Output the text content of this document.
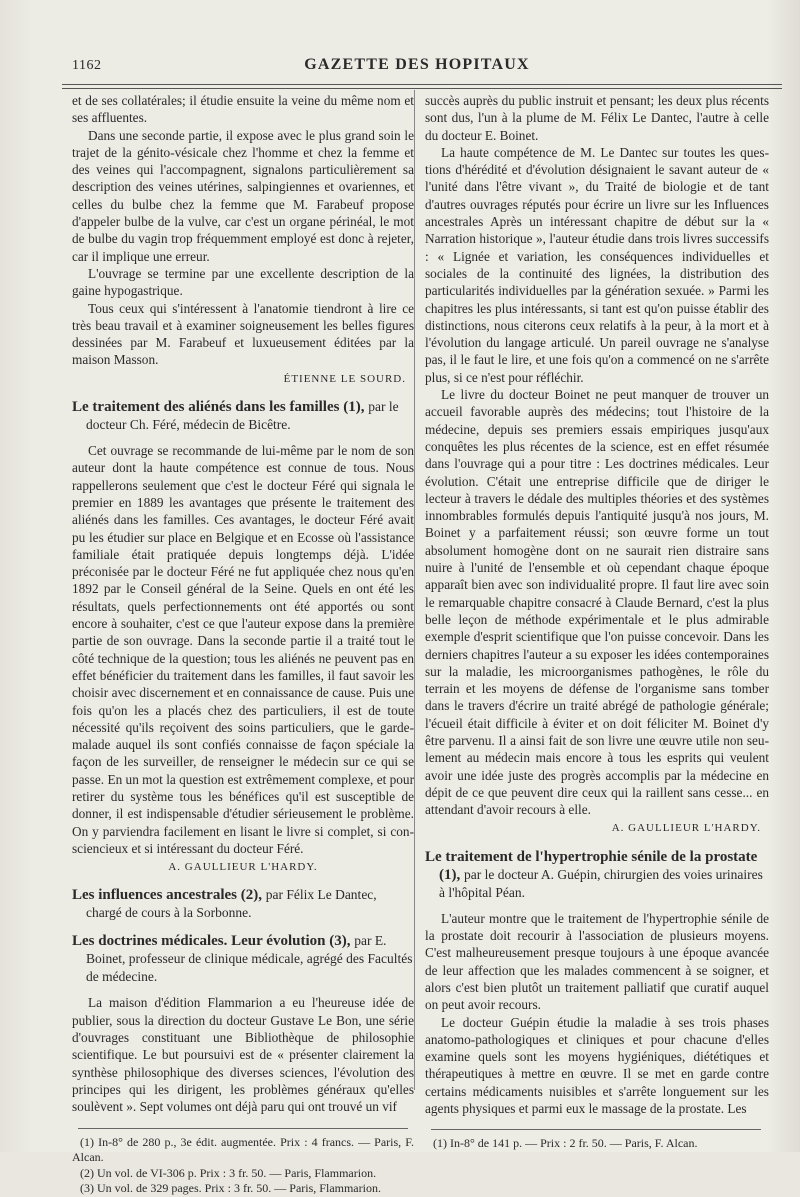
1162	GAZETTE DES HOPITAUX

et de ses collatérales; il étudie ensuite la veine du même nom et ses affluentes.

Dans une seconde partie, il expose avec le plus grand soin le trajet de la génito-vésicale chez l'homme et chez la femme et des veines qui l'accompagnent, signalons particulièrement sa description des veines utérines, salpingiennes et ovariennes, et celles du bulbe chez la femme que M. Farabeuf propose d'appeler bulbe de la vulve, car c'est un organe périnéal, le mot de bulbe du vagin trop fréquemment employé est donc à rejeter, car il implique une erreur.

L'ouvrage se termine par une excellente description de la gaine hypogastrique.

Tous ceux qui s'intéressent à l'anatomie tiendront à lire ce très beau travail et à examiner soigneusement les belles figures dessinées par M. Farabeuf et luxueusement éditées par la maison Masson.

ÉTIENNE LE SOURD.

Le traitement des aliénés dans les familles (1), par le docteur Ch. Féré, médecin de Bicêtre.

Cet ouvrage se recommande de lui-même par le nom de son auteur dont la haute compétence est connue de tous. Nous rappellerons seulement que c'est le docteur Féré qui signala le premier en 1889 les avantages que présente le traitement des aliénés dans les familles. Ces avantages, le docteur Féré avait pu les étudier sur place en Belgique et en Ecosse où l'assistance familiale était pratiquée depuis longtemps déjà. L'idée préconisée par le docteur Féré ne fut appliquée chez nous qu'en 1892 par le Conseil général de la Seine. Quels en ont été les résultats, quels perfectionnements ont été apportés ou sont encore à souhaiter, c'est ce que l'auteur expose dans la première partie de son ouvrage. Dans la seconde partie il a traité tout le côté technique de la question; tous les aliénés ne peuvent pas en effet bénéficier du traitement dans les familles, il faut savoir les choisir avec discernement et en connaissance de cause. Puis une fois qu'on les a placés chez des particuliers, il est de toute nécessité qu'ils reçoivent des soins particuliers, que le garde-malade auquel ils sont confiés connaisse de façon spéciale la façon de les surveiller, de renseigner le médecin sur ce qui se passe. En un mot la question est extrêmement complexe, et pour retirer du système tous les bénéfices qu'il est susceptible de donner, il est indispensable d'étudier sérieusement le problème. On y parviendra facilement en lisant le livre si complet, si consciencieux et si intéressant du docteur Féré.

A. GAULLIEUR L'HARDY.

Les influences ancestrales (2), par Félix Le Dantec, chargé de cours à la Sorbonne.
Les doctrines médicales. Leur évolution (3), par E. Boinet, professeur de clinique médicale, agrégé des Facultés de médecine.

La maison d'édition Flammarion a eu l'heureuse idée de publier, sous la direction du docteur Gustave Le Bon, une série d'ouvrages constituant une Bibliothèque de philosophie scientifique. Le but poursuivi est de « présenter clairement la synthèse philosophique des diverses sciences, l'évolution des principes qui les dirigent, les problèmes généraux qu'elles soulèvent ». Sept volumes ont déjà paru qui ont trouvé un vif

(1) In-8° de 280 p., 3e édit. augmentée. Prix : 4 francs. — Paris, F. Alcan.

(2) Un vol. de VI-306 p. Prix : 3 fr. 50. — Paris, Flammarion.

(3) Un vol. de 329 pages. Prix : 3 fr. 50. — Paris, Flammarion.

succès auprès du public instruit et pensant; les deux plus récents sont dus, l'un à la plume de M. Félix Le Dantec, l'autre à celle du docteur E. Boinet.

La haute compétence de M. Le Dantec sur toutes les questions d'hérédité et d'évolution désignaient le savant auteur de « l'unité dans l'être vivant », du Traité de biologie et de tant d'autres ouvrages réputés pour écrire un livre sur les Influences ancestrales Après un intéressant chapitre de début sur la « Narration historique », l'auteur étudie dans trois livres successifs : « Lignée et variation, les conséquences individuelles et sociales de la continuité des lignées, la distribution des particularités individuelles par la génération sexuée. » Parmi les chapitres les plus intéressants, si tant est qu'on puisse établir des distinctions, nous citerons ceux relatifs à la peur, à la mort et à l'évolution du langage articulé. Un pareil ouvrage ne s'analyse pas, il le faut le lire, et une fois qu'on a commencé on ne s'arrête plus, si ce n'est pour réfléchir.

Le livre du docteur Boinet ne peut manquer de trouver un accueil favorable auprès des médecins; tout l'histoire de la médecine, depuis ses premiers essais empiriques jusqu'aux conquêtes les plus récentes de la science, est en effet résumée dans l'ouvrage qui a pour titre : Les doctrines médicales. Leur évolution. C'était une entreprise difficile que de diriger le lecteur à travers le dédale des multiples théories et des systèmes innombrables formulés depuis l'antiquité jusqu'à nos jours, M. Boinet y a parfaitement réussi; son œuvre forme un tout absolument homogène dont on ne saurait rien distraire sans nuire à l'unité de l'ensemble et où cependant chaque époque apparaît bien avec son individualité propre. Il faut lire avec soin le remarquable chapitre consacré à Claude Bernard, c'est la plus belle leçon de méthode expérimentale et le plus admirable exemple d'esprit scientifique que l'on puisse concevoir. Dans les derniers chapitres l'auteur a su exposer les idées contemporaines sur la maladie, les microorganismes pathogènes, le rôle du terrain et les moyens de défense de l'organisme sans tomber dans le travers d'écrire un traité abrégé de pathologie générale; l'écueil était difficile à éviter et on doit féliciter M. Boinet d'y être parvenu. Il a ainsi fait de son livre une œuvre utile non seulement au médecin mais encore à tous les esprits qui veulent avoir une idée juste des progrès accomplis par la médecine en dépit de ce que peuvent dire ceux qui la raillent sans cesse... en attendant d'avoir recours à elle.

A. GAULLIEUR L'HARDY.

Le traitement de l'hypertrophie sénile de la prostate (1), par le docteur A. Guépin, chirurgien des voies urinaires à l'hôpital Péan.

L'auteur montre que le traitement de l'hypertrophie sénile de la prostate doit recourir à l'association de plusieurs moyens. C'est malheureusement presque toujours à une époque avancée de leur affection que les malades commencent à se soigner, et alors c'est bien plutôt un traitement palliatif que curatif auquel on peut avoir recours.

Le docteur Guépin étudie la maladie à ses trois phases anatomo-pathologiques et cliniques et pour chacune d'elles examine quels sont les moyens hygiéniques, diététiques et thérapeutiques à mettre en œuvre. Il se met en garde contre certains médicaments nuisibles et s'arrête longuement sur les agents physiques et parmi eux le massage de la prostate. Les

(1) In-8° de 141 p. — Prix : 2 fr. 50. — Paris, F. Alcan.
